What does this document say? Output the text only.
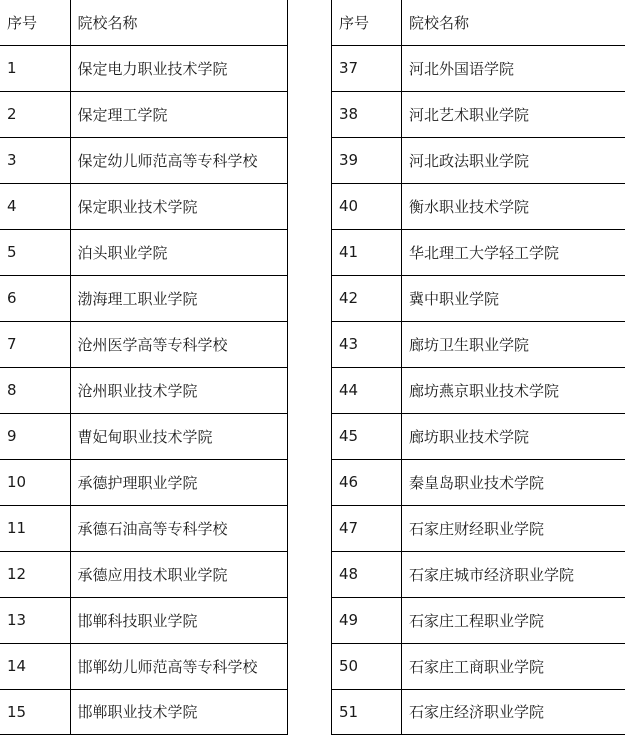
序号	院校名称
1	保定电力职业技术学院
2	保定理工学院
3	保定幼儿师范高等专科学校
4	保定职业技术学院
5	泊头职业学院
6	渤海理工职业学院
7	沧州医学高等专科学校
8	沧州职业技术学院
9	曹妃甸职业技术学院
10	承德护理职业学院
11	承德石油高等专科学校
12	承德应用技术职业学院
13	邯郸科技职业学院
14	邯郸幼儿师范高等专科学校
15	邯郸职业技术学院
序号	院校名称
37	河北外国语学院
38	河北艺术职业学院
39	河北政法职业学院
40	衡水职业技术学院
41	华北理工大学轻工学院
42	冀中职业学院
43	廊坊卫生职业学院
44	廊坊燕京职业技术学院
45	廊坊职业技术学院
46	秦皇岛职业技术学院
47	石家庄财经职业学院
48	石家庄城市经济职业学院
49	石家庄工程职业学院
50	石家庄工商职业学院
51	石家庄经济职业学院
